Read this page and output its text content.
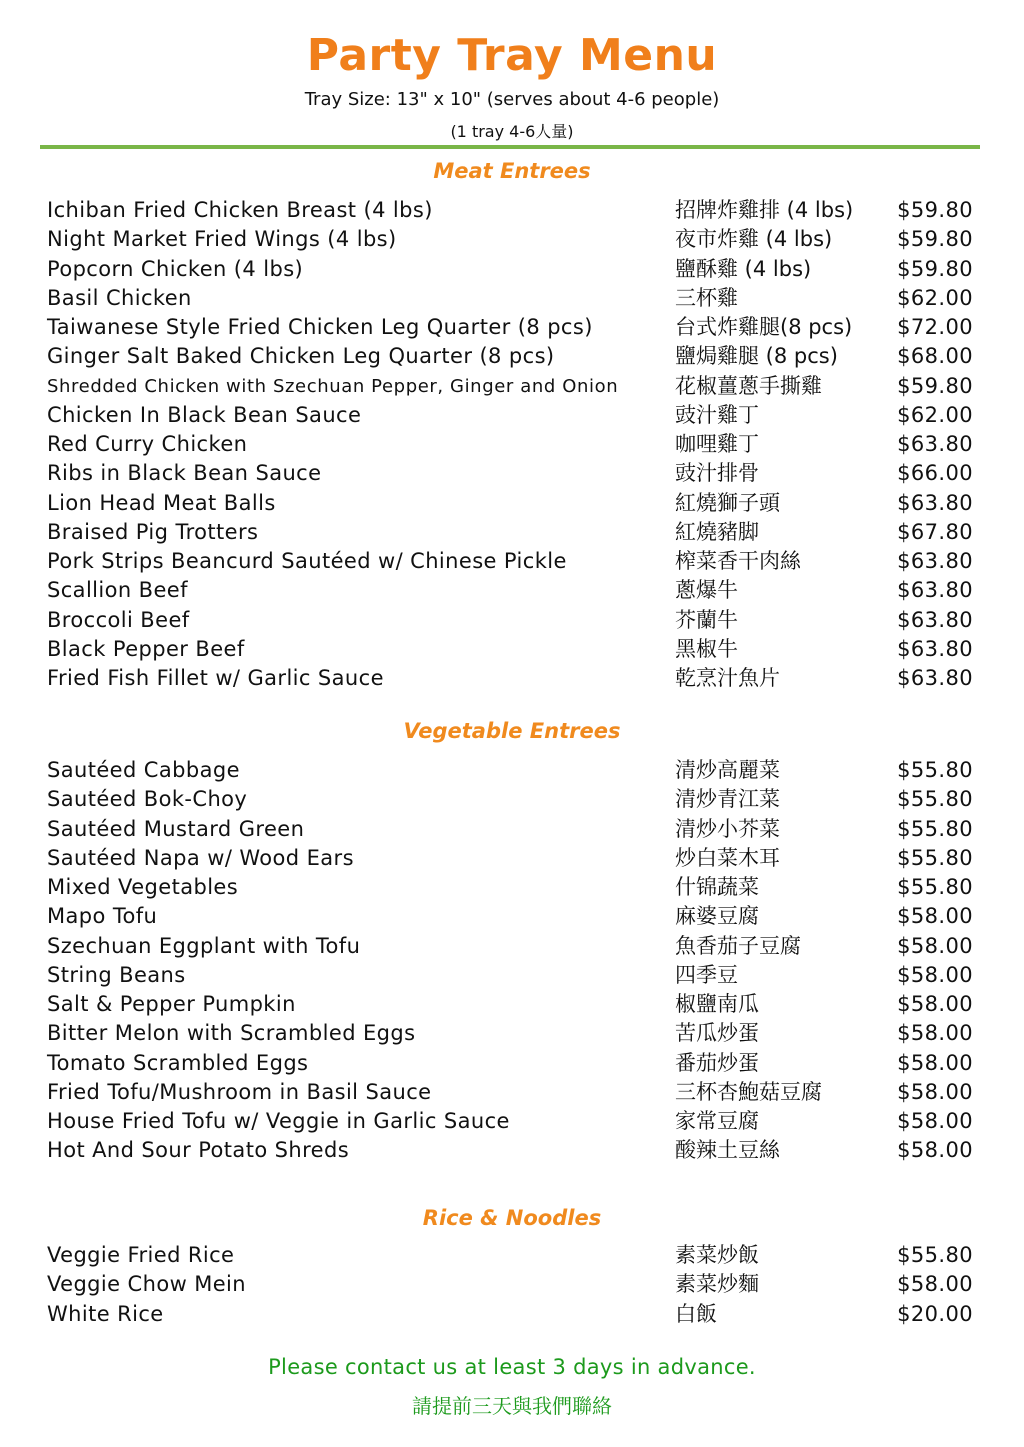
Party Tray Menu
Tray Size: 13" x 10" (serves about 4-6 people)
(1 tray 4-6人量)
Meat Entrees
Ichiban Fried Chicken Breast (4 lbs)	招牌炸雞排 (4 lbs) $59.80
Night Market Fried Wings (4 lbs)	夜市炸雞 (4 lbs)	$59.80
Popcorn Chicken (4 lbs)	鹽酥雞 (4 lbs)	$59.80
Basil Chicken	三杯雞	$62.00
Taiwanese Style Fried Chicken Leg Quarter (8 pcs)	台式炸雞腿(8 pcs) $72.00
Ginger Salt Baked Chicken Leg Quarter (8 pcs)	鹽焗雞腿 (8 pcs)	$68.00
Shredded Chicken with Szechuan Pepper, Ginger and Onion	花椒薑蔥手撕雞	$59.80
Chicken In Black Bean Sauce	豉汁雞丁	$62.00
Red Curry Chicken	咖哩雞丁	$63.80
Ribs in Black Bean Sauce	豉汁排骨	$66.00
Lion Head Meat Balls	紅燒獅子頭	$63.80
Braised Pig Trotters	紅燒豬脚	$67.80
Pork Strips Beancurd Sautéed w/ Chinese Pickle	榨菜香干肉絲	$63.80
Scallion Beef	蔥爆牛	$63.80
Broccoli Beef	芥蘭牛	$63.80
Black Pepper Beef	黑椒牛	$63.80
Fried Fish Fillet w/ Garlic Sauce	乾烹汁魚片	$63.80
Vegetable Entrees
Sautéed Cabbage	清炒高麗菜	$55.80
Sautéed Bok-Choy	清炒青江菜	$55.80
Sautéed Mustard Green	清炒小芥菜	$55.80
Sautéed Napa w/ Wood Ears	炒白菜木耳	$55.80
Mixed Vegetables	什锦蔬菜	$55.80
Mapo Tofu	麻婆豆腐	$58.00
Szechuan Eggplant with Tofu	魚香茄子豆腐	$58.00
String Beans	四季豆	$58.00
Salt & Pepper Pumpkin	椒鹽南瓜	$58.00
Bitter Melon with Scrambled Eggs	苦瓜炒蛋	$58.00
Tomato Scrambled Eggs	番茄炒蛋	$58.00
Fried Tofu/Mushroom in Basil Sauce	三杯杏鮑菇豆腐	$58.00
House Fried Tofu w/ Veggie in Garlic Sauce	家常豆腐	$58.00
Hot And Sour Potato Shreds	酸辣土豆絲	$58.00
Rice & Noodles
Veggie Fried Rice	素菜炒飯	$55.80
Veggie Chow Mein	素菜炒麵	$58.00
White Rice	白飯	$20.00
Please contact us at least 3 days in advance.
請提前三天與我們聯絡
